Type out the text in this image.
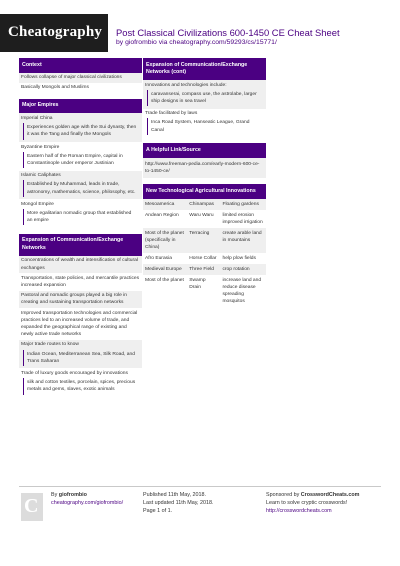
Cheatography Post Classical Civilizations 600-1450 CE Cheat Sheet
by giofrombio via cheatography.com/59293/cs/15771/
Context
Follows collapse of major classical civilizations
Basically Mongols and Muslims
Major Empires
Imperial China
Experiences golden age with the Sui dynasty, then it was the Tang and finally the Mongols
Byzantine Empire
Eastern half of the Roman Empire, capital in Constantinople under emperor Justinian
Islamic Caliphates
Established by Muhammad, leads in trade, astronomy, mathematics, science, philosophy, etc.
Mongol Empire
More egalitarian nomadic group that established an empire
Expansion of Communication/Exchange Networks
Concentrations of wealth and intensification of cultural exchanges
Transportation, state policies, and mercantile practices increased expansion
Pastoral and nomadic groups played a big role in creating and sustaining transportation networks
Improved transportation technologies and commercial practices led to an increased volume of trade, and expanded the geographical range of existing and newly active trade networks
Major trade routes to know
Indian Ocean, Mediterranean Sea, Silk Road, and Trans Saharan
Trade of luxury goods encouraged by innovations
silk and cotton textiles, porcelain, spices, precious metals and gems, slaves, exotic animals
Expansion of Communication/Exchange Networks (cont)
Innovations and technologies include:
caravanserai, compass use, the astrolabe, larger ship designs in sea travel
Trade facilitated by laws
Inca Road System, Hanseatic League, Grand Canal
A Helpful Link/Source
http://www.freeman-pedia.com/early-modern-600-ce-to-1450-ce/
New Technological Agricultural Innovations
Mesoamerica	Chinampas	Floating gardens
Andean Region	Waru Waru	limited erosion improved irrigation
Most of the planet (specifically in China)	Terracing	create arable land in mountains
Afro Eurasia	Horse Collar	help plow fields
Medieval Europe	Three Field	crop rotation
Most of the planet	Swamp Drain	increase land and reduce disease spreading mosquitos
C By giofrombio
cheatography.com/giofrombio/
Published 11th May, 2018.
Last updated 11th May, 2018.
Page 1 of 1.
Sponsored by CrosswordCheats.com
Learn to solve cryptic crosswords!
http://crosswordcheats.com
